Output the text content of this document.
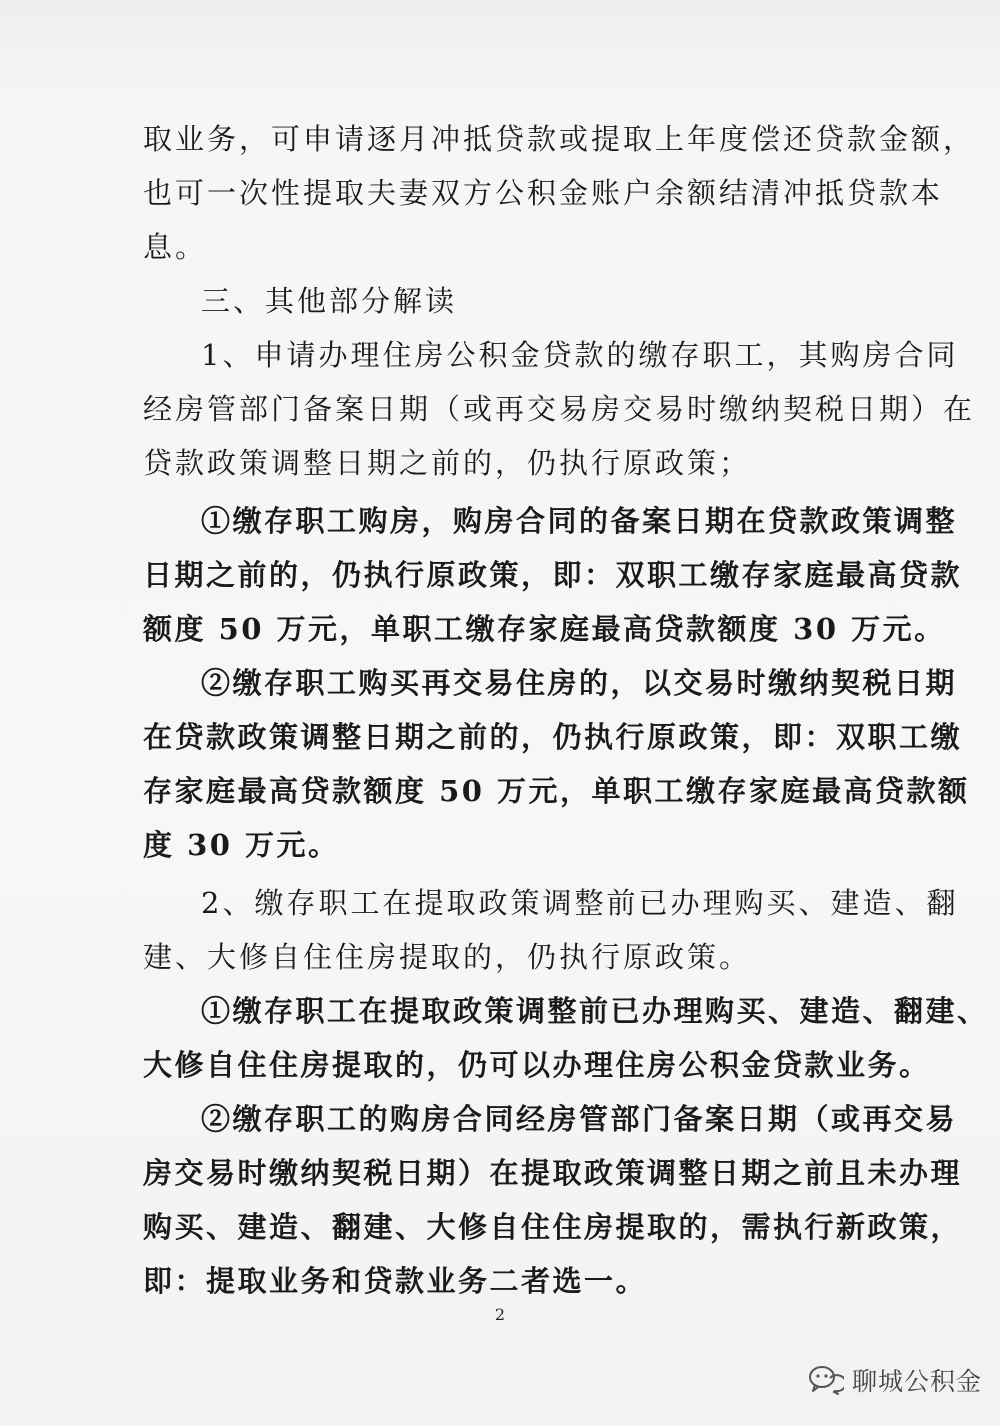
取业务，可申请逐月冲抵贷款或提取上年度偿还贷款金额，

也可一次性提取夫妻双方公积金账户余额结清冲抵贷款本

息。

三、其他部分解读

1、申请办理住房公积金贷款的缴存职工，其购房合同

经房管部门备案日期（或再交易房交易时缴纳契税日期）在

贷款政策调整日期之前的，仍执行原政策；

①缴存职工购房，购房合同的备案日期在贷款政策调整

日期之前的，仍执行原政策，即：双职工缴存家庭最高贷款

额度 50 万元，单职工缴存家庭最高贷款额度 30 万元。

②缴存职工购买再交易住房的，以交易时缴纳契税日期

在贷款政策调整日期之前的，仍执行原政策，即：双职工缴

存家庭最高贷款额度 50 万元，单职工缴存家庭最高贷款额

度 30 万元。

2、缴存职工在提取政策调整前已办理购买、建造、翻

建、大修自住住房提取的，仍执行原政策。

①缴存职工在提取政策调整前已办理购买、建造、翻建、

大修自住住房提取的，仍可以办理住房公积金贷款业务。

②缴存职工的购房合同经房管部门备案日期（或再交易

房交易时缴纳契税日期）在提取政策调整日期之前且未办理

购买、建造、翻建、大修自住住房提取的，需执行新政策，

即：提取业务和贷款业务二者选一。

2
聊城公积金
